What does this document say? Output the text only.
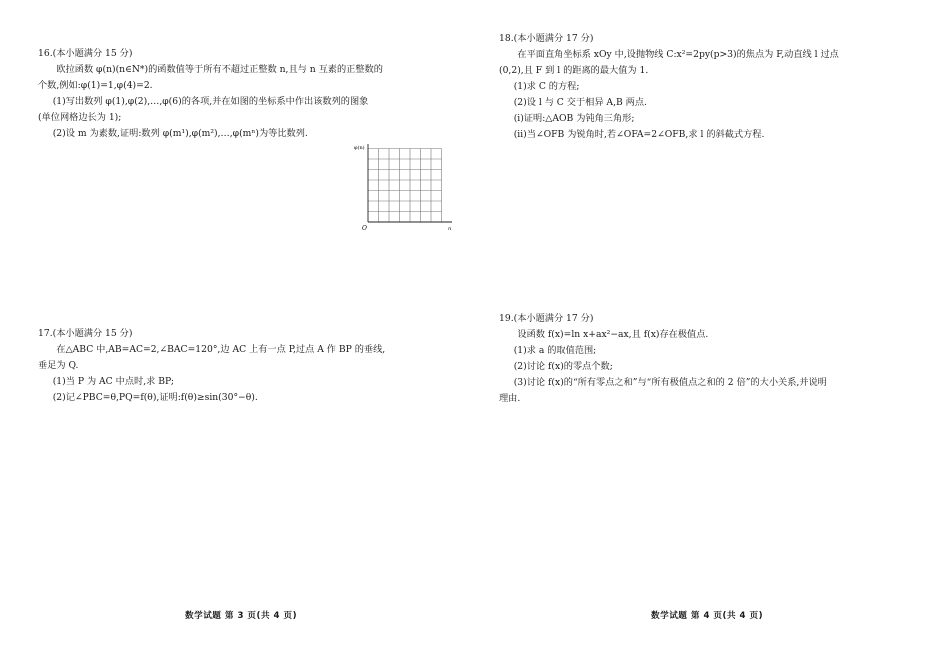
16.(本小题满分 15 分)

欧拉函数 φ(n)(n∈N*)的函数值等于所有不超过正整数 n,且与 n 互素的正整数的

个数,例如:φ(1)=1,φ(4)=2.

(1)写出数列 φ(1),φ(2),…,φ(6)的各项,并在如图的坐标系中作出该数列的图象

(单位网格边长为 1);

(2)设 m 为素数,证明:数列 φ(m¹),φ(m²),…,φ(mⁿ)为等比数列.

17.(本小题满分 15 分)

在△ABC 中,AB=AC=2,∠BAC=120°,边 AC 上有一点 P,过点 A 作 BP 的垂线,

垂足为 Q.

(1)当 P 为 AC 中点时,求 BP;

(2)记∠PBC=θ,PQ=f(θ),证明:f(θ)≥sin(30°−θ).

φ(n)
O	n
18.(本小题满分 17 分)

在平面直角坐标系 xOy 中,设抛物线 C:x²=2py(p>3)的焦点为 F,动直线 l 过点

(0,2),且 F 到 l 的距离的最大值为 1.

(1)求 C 的方程;

(2)设 l 与 C 交于相异 A,B 两点.

(ⅰ)证明:△AOB 为钝角三角形;

(ⅱ)当∠OFB 为锐角时,若∠OFA=2∠OFB,求 l 的斜截式方程.

19.(本小题满分 17 分)

设函数 f(x)=ln x+ax²−ax,且 f(x)存在极值点.

(1)求 a 的取值范围;

(2)讨论 f(x)的零点个数;

(3)讨论 f(x)的“所有零点之和”与“所有极值点之和的 2 倍”的大小关系,并说明

理由.

数学试题 第 3 页(共 4 页)	数学试题 第 4 页(共 4 页)
